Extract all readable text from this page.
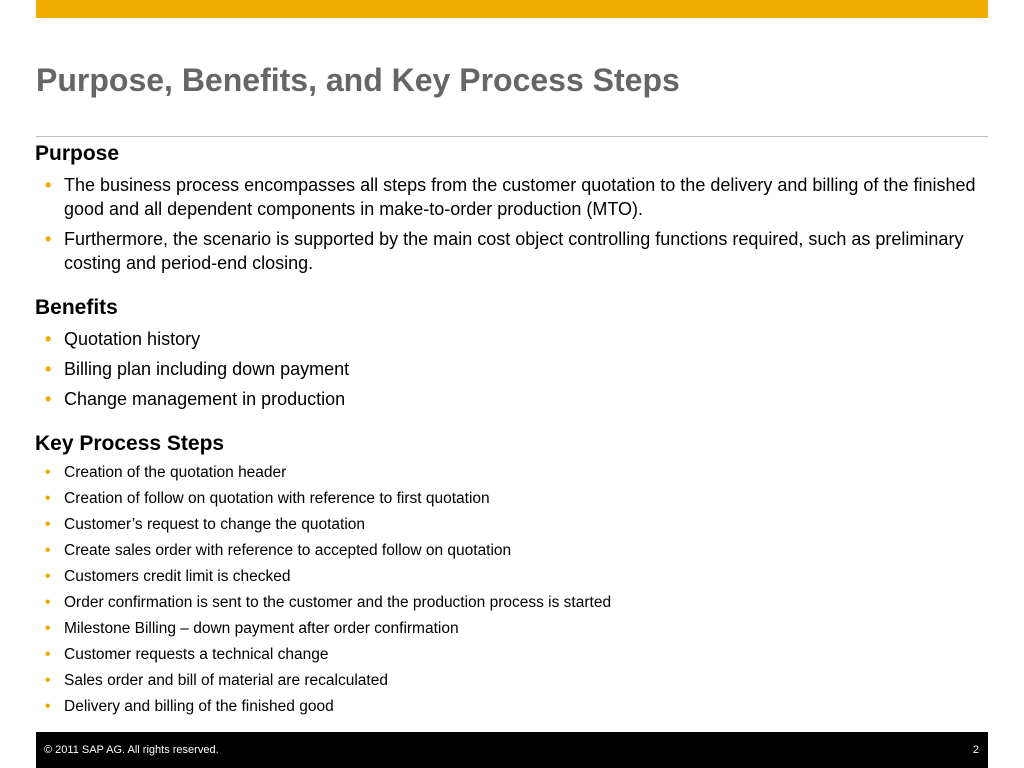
Purpose, Benefits, and Key Process Steps
Purpose
• The business process encompasses all steps from the customer quotation to the delivery and billing of the finished good and all dependent components in make-to-order production (MTO).
• Furthermore, the scenario is supported by the main cost object controlling functions required, such as preliminary costing and period-end closing.
Benefits
• Quotation history
• Billing plan including down payment
• Change management in production
Key Process Steps
• Creation of the quotation header
• Creation of follow on quotation with reference to first quotation
• Customer’s request to change the quotation
• Create sales order with reference to accepted follow on quotation
• Customers credit limit is checked
• Order confirmation is sent to the customer and the production process is started
• Milestone Billing – down payment after order confirmation
• Customer requests a technical change
• Sales order and bill of material are recalculated
• Delivery and billing of the finished good
© 2011 SAP AG. All rights reserved.	2
